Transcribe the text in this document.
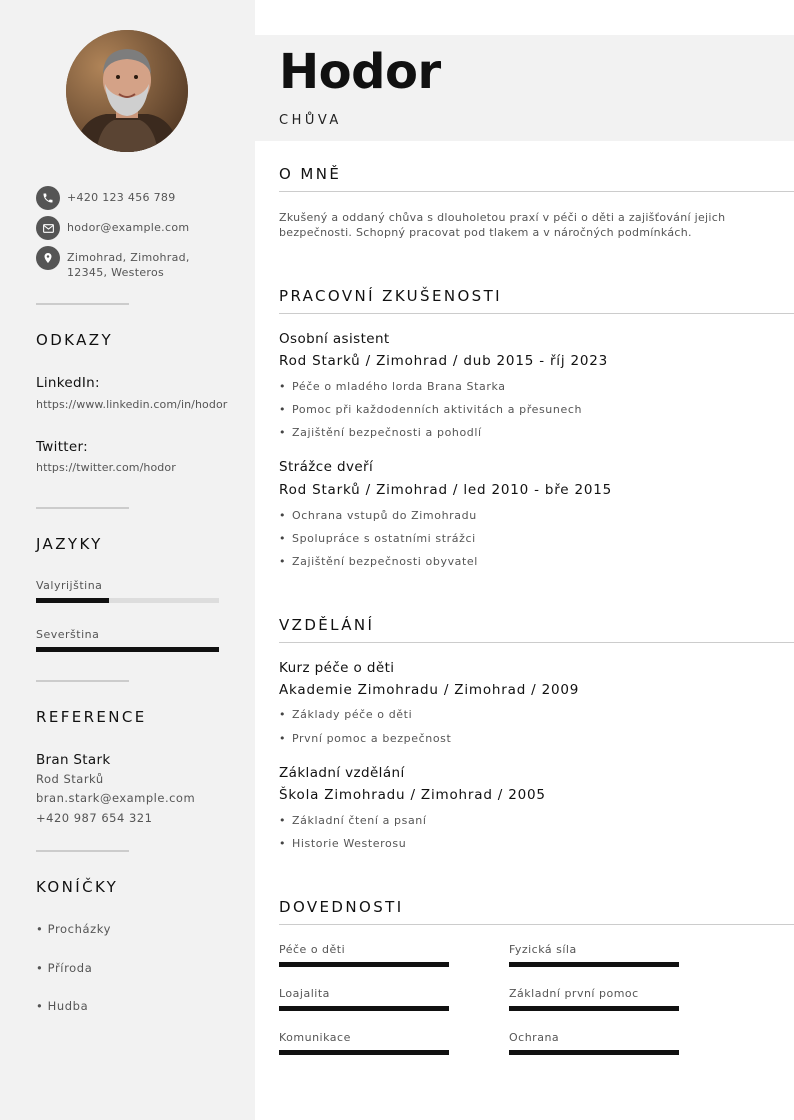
+420 123 456 789
hodor@example.com
Zimohrad, Zimohrad,
12345, Westeros
ODKAZY
LinkedIn:
https://www.linkedin.com/in/hodor
Twitter:
https://twitter.com/hodor
JAZYKY
Valyrijština
Severština
REFERENCE
Bran Stark
Rod Starků
bran.stark@example.com
+420 987 654 321
KONÍČKY
• Procházky
• Příroda
• Hudba
Hodor
CHŮVA
O MNĚ
Zkušený a oddaný chůva s dlouholetou praxí v péči o děti a zajišťování jejich bezpečnosti. Schopný pracovat pod tlakem a v náročných podmínkách.
PRACOVNÍ ZKUŠENOSTI
Osobní asistent
Rod Starků / Zimohrad / dub 2015 - říj 2023
• Péče o mladého lorda Brana Starka
• Pomoc při každodenních aktivitách a přesunech
• Zajištění bezpečnosti a pohodlí
Strážce dveří
Rod Starků / Zimohrad / led 2010 - bře 2015
• Ochrana vstupů do Zimohradu
• Spolupráce s ostatními strážci
• Zajištění bezpečnosti obyvatel
VZDĚLÁNÍ
Kurz péče o děti
Akademie Zimohradu / Zimohrad / 2009
• Základy péče o děti
• První pomoc a bezpečnost
Základní vzdělání
Škola Zimohradu / Zimohrad / 2005
• Základní čtení a psaní
• Historie Westerosu
DOVEDNOSTI
Péče o děti	Fyzická síla
Loajalita	Základní první pomoc
Komunikace	Ochrana
